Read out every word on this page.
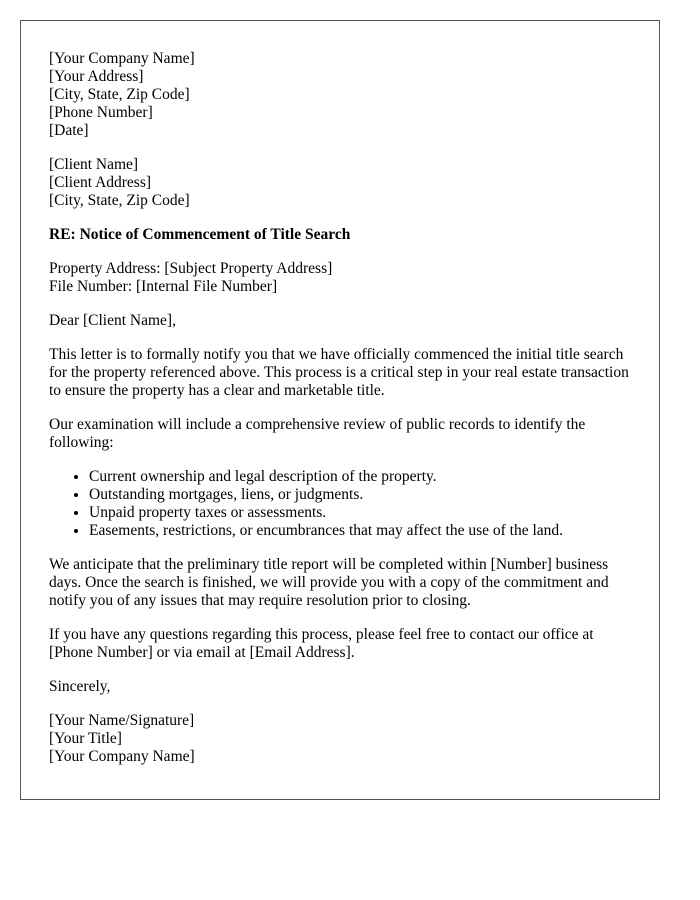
[Your Company Name]
[Your Address]
[City, State, Zip Code]
[Phone Number]
[Date]
[Client Name]
[Client Address]
[City, State, Zip Code]
RE: Notice of Commencement of Title Search
Property Address: [Subject Property Address]
File Number: [Internal File Number]

Dear [Client Name],

This letter is to formally notify you that we have officially commenced the initial title search for the property referenced above. This process is a critical step in your real estate transaction to ensure the property has a clear and marketable title.

Our examination will include a comprehensive review of public records to identify the following:

• Current ownership and legal description of the property.
• Outstanding mortgages, liens, or judgments.
• Unpaid property taxes or assessments.
• Easements, restrictions, or encumbrances that may affect the use of the land.

We anticipate that the preliminary title report will be completed within [Number] business days. Once the search is finished, we will provide you with a copy of the commitment and notify you of any issues that may require resolution prior to closing.

If you have any questions regarding this process, please feel free to contact our office at [Phone Number] or via email at [Email Address].

Sincerely,

[Your Name/Signature]
[Your Title]
[Your Company Name]
